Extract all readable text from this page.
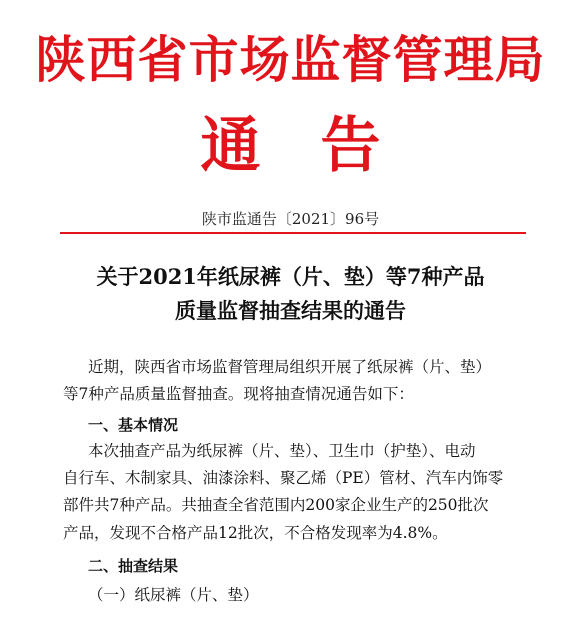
陕西省市场监督管理局
通告
陕市监通告〔2021〕96号
关于2021年纸尿裤（片、垫）等7种产品
质量监督抽查结果的通告
近期，陕西省市场监督管理局组织开展了纸尿裤（片、垫）
等7种产品质量监督抽查。现将抽查情况通告如下：
一、基本情况
本次抽查产品为纸尿裤（片、垫）、卫生巾（护垫）、电动
自行车、木制家具、油漆涂料、聚乙烯（PE）管材、汽车内饰零
部件共7种产品。共抽查全省范围内200家企业生产的250批次
产品，发现不合格产品12批次，不合格发现率为4.8%。
二、抽查结果
（一）纸尿裤（片、垫）
